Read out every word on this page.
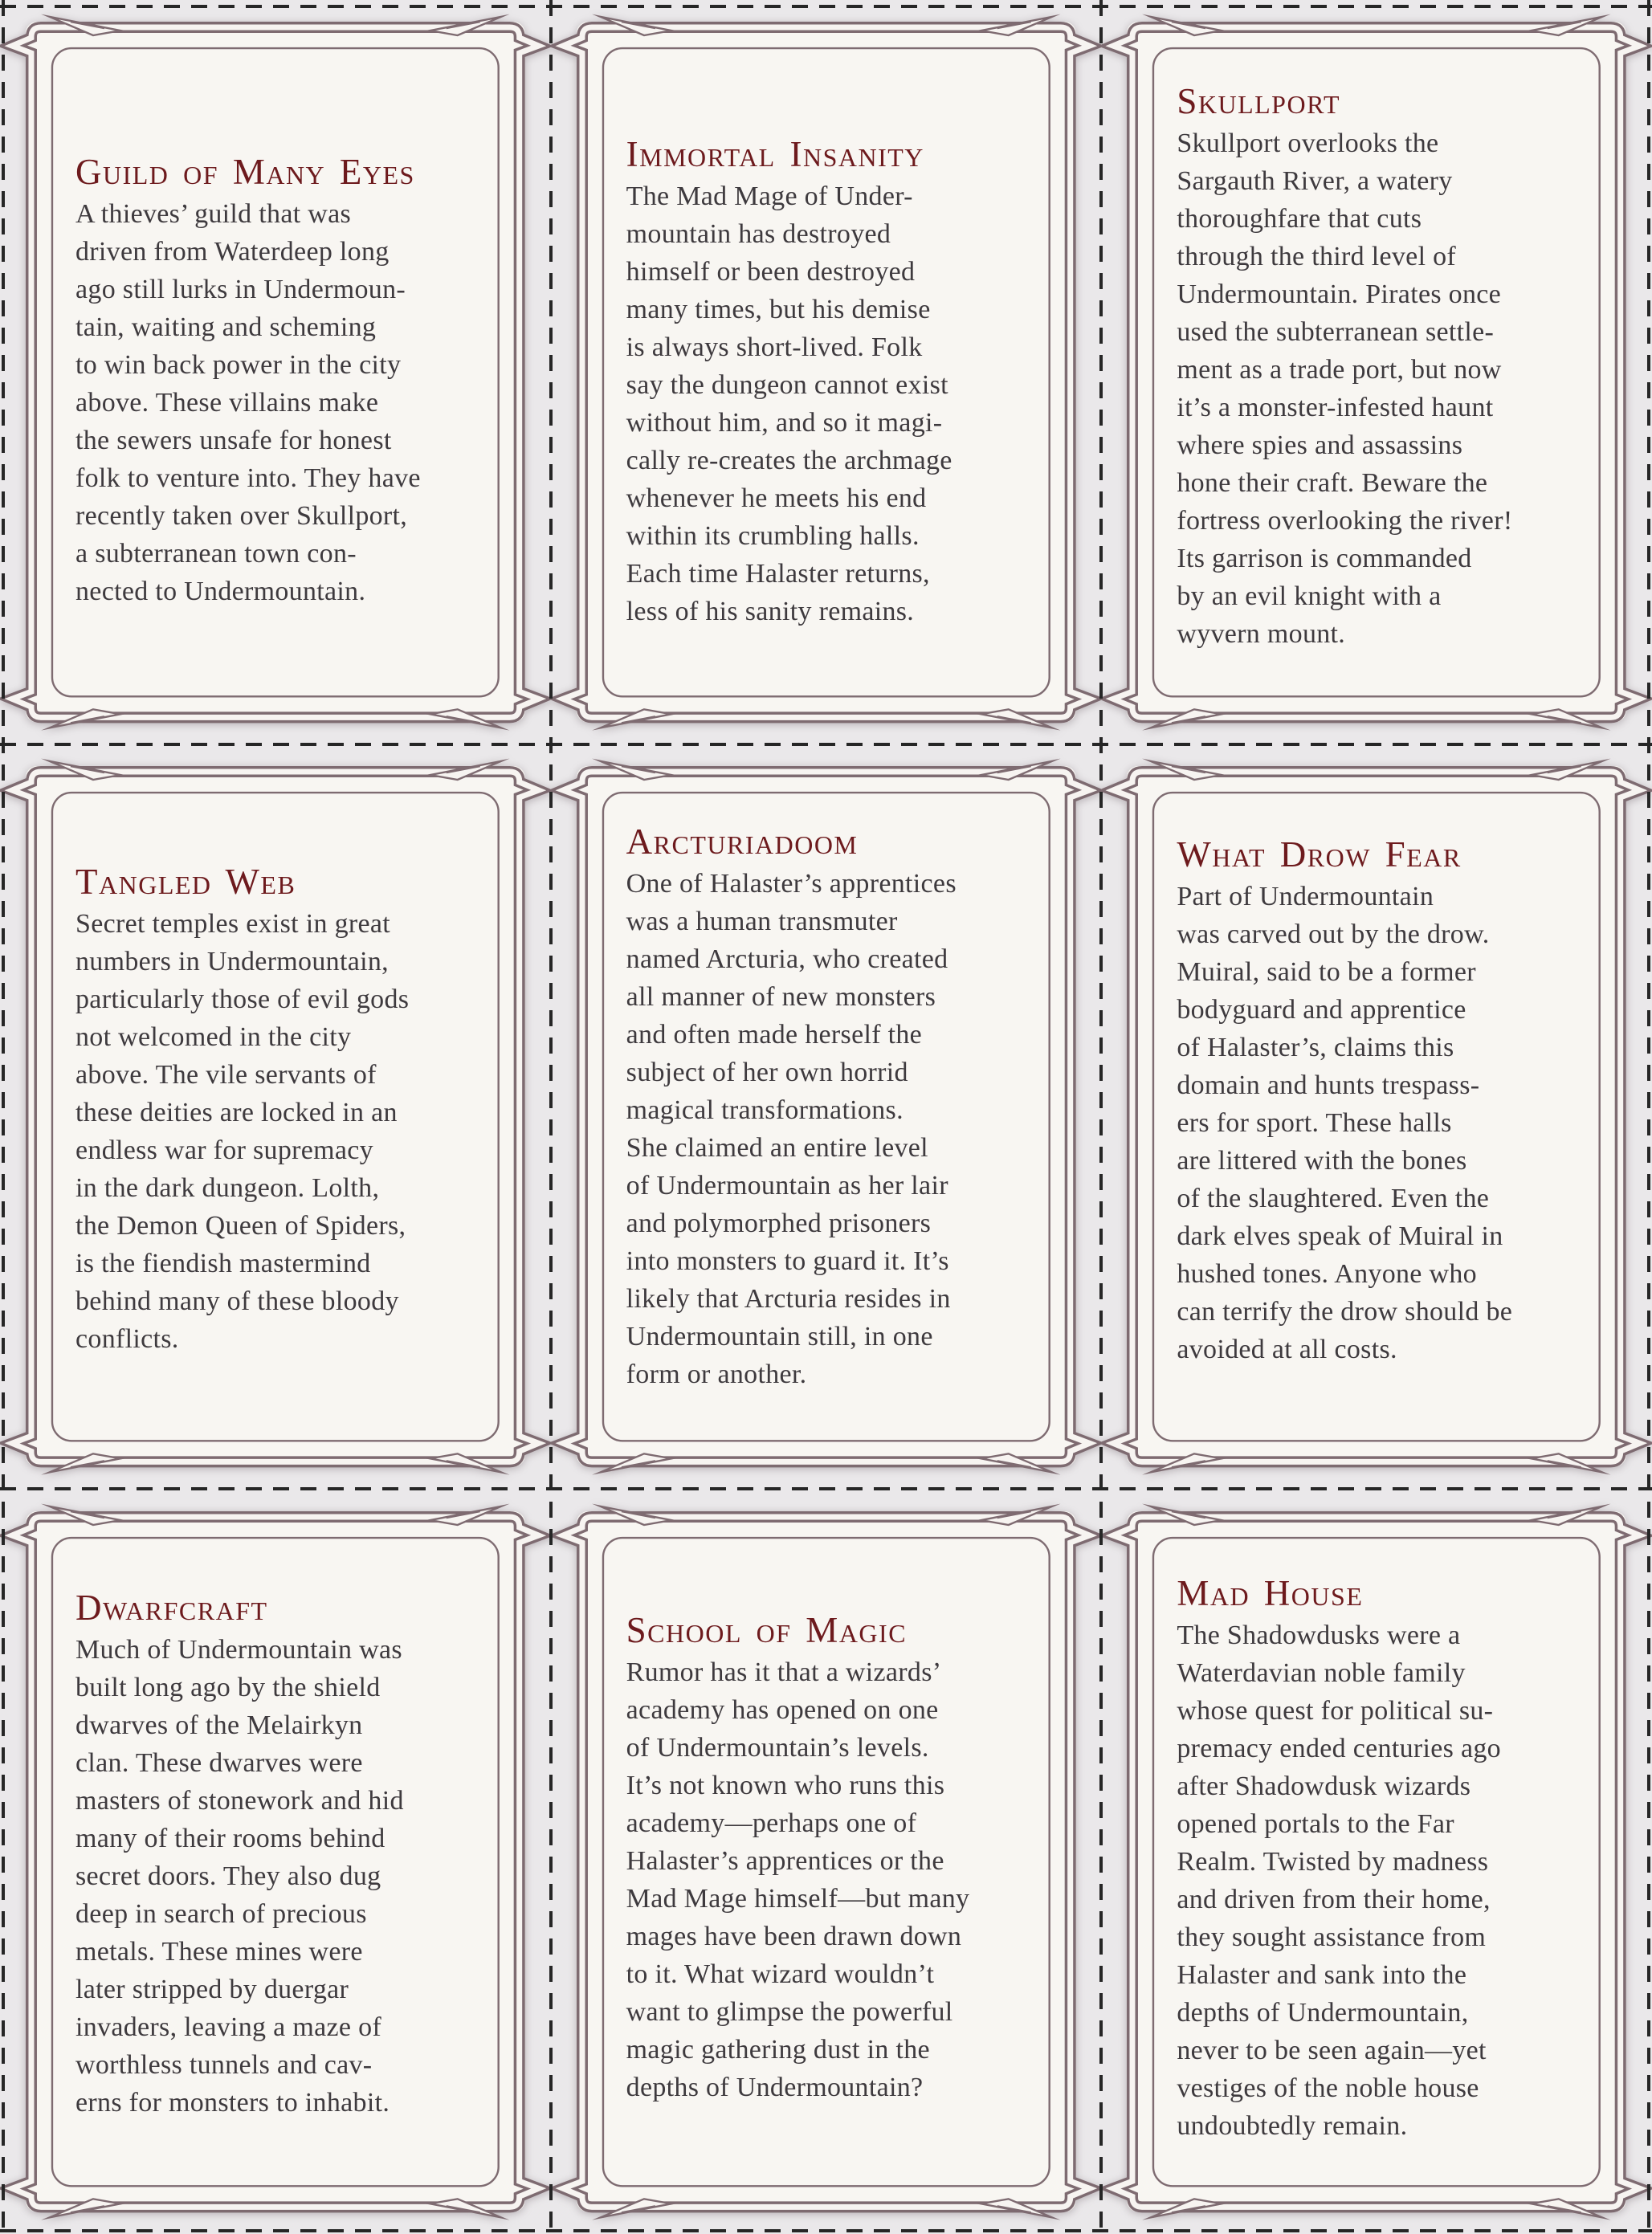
Guild of Many Eyes
A thieves’ guild that was
driven from Waterdeep long
ago still lurks in Undermoun-
tain, waiting and scheming
to win back power in the city
above. These villains make
the sewers unsafe for honest
folk to venture into. They have
recently taken over Skullport,
a subterranean town con-
nected to Undermountain.
Immortal Insanity
The Mad Mage of Under-
mountain has destroyed
himself or been destroyed
many times, but his demise
is always short-lived. Folk
say the dungeon cannot exist
without him, and so it magi-
cally re-creates the archmage
whenever he meets his end
within its crumbling halls.
Each time Halaster returns,
less of his sanity remains.
Skullport
Skullport overlooks the
Sargauth River, a watery
thoroughfare that cuts
through the third level of
Undermountain. Pirates once
used the subterranean settle-
ment as a trade port, but now
it’s a monster-infested haunt
where spies and assassins
hone their craft. Beware the
fortress overlooking the river!
Its garrison is commanded
by an evil knight with a
wyvern mount.
Tangled Web
Secret temples exist in great
numbers in Undermountain,
particularly those of evil gods
not welcomed in the city
above. The vile servants of
these deities are locked in an
endless war for supremacy
in the dark dungeon. Lolth,
the Demon Queen of Spiders,
is the fiendish mastermind
behind many of these bloody
conflicts.
Arcturiadoom
One of Halaster’s apprentices
was a human transmuter
named Arcturia, who created
all manner of new monsters
and often made herself the
subject of her own horrid
magical transformations.
She claimed an entire level
of Undermountain as her lair
and polymorphed prisoners
into monsters to guard it. It’s
likely that Arcturia resides in
Undermountain still, in one
form or another.
What Drow Fear
Part of Undermountain
was carved out by the drow.
Muiral, said to be a former
bodyguard and apprentice
of Halaster’s, claims this
domain and hunts trespass-
ers for sport. These halls
are littered with the bones
of the slaughtered. Even the
dark elves speak of Muiral in
hushed tones. Anyone who
can terrify the drow should be
avoided at all costs.
Dwarfcraft
Much of Undermountain was
built long ago by the shield
dwarves of the Melairkyn
clan. These dwarves were
masters of stonework and hid
many of their rooms behind
secret doors. They also dug
deep in search of precious
metals. These mines were
later stripped by duergar
invaders, leaving a maze of
worthless tunnels and cav-
erns for monsters to inhabit.
School of Magic
Rumor has it that a wizards’
academy has opened on one
of Undermountain’s levels.
It’s not known who runs this
academy—perhaps one of
Halaster’s apprentices or the
Mad Mage himself—but many
mages have been drawn down
to it. What wizard wouldn’t
want to glimpse the powerful
magic gathering dust in the
depths of Undermountain?
Mad House
The Shadowdusks were a
Waterdavian noble family
whose quest for political su-
premacy ended centuries ago
after Shadowdusk wizards
opened portals to the Far
Realm. Twisted by madness
and driven from their home,
they sought assistance from
Halaster and sank into the
depths of Undermountain,
never to be seen again—yet
vestiges of the noble house
undoubtedly remain.
